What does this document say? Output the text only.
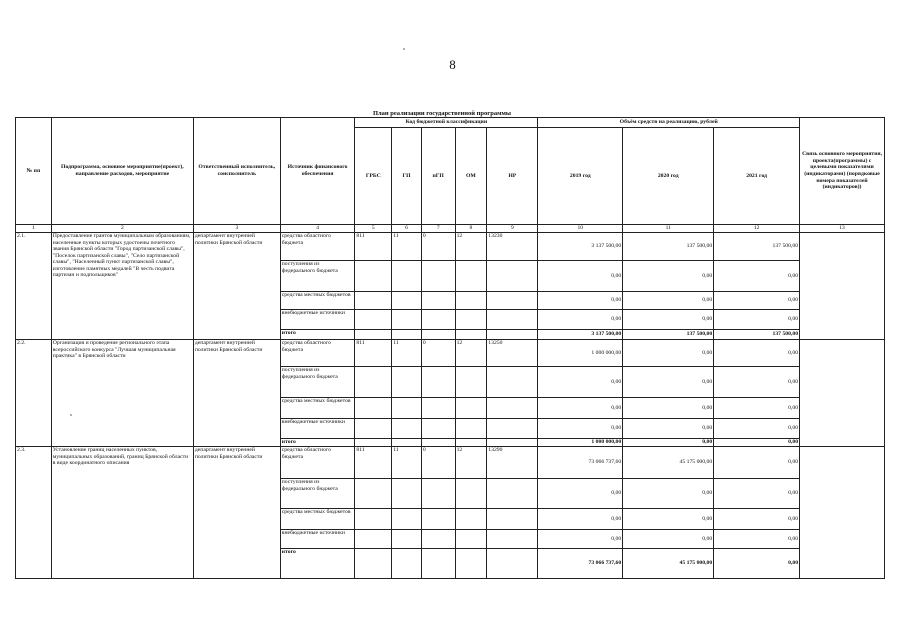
8
План реализации государственной программы
№ пп	Подпрограмма, основное мероприятие(проект), направление расходов, мероприятие	Ответственный исполнитель, соисполнитель	Источник финансового обеспечения	Код бюджетной классификации					Объём средств на реализацию, рублей			Связь основного мероприятия, проекта(программы) с целевыми показателями (индикаторами) (порядковые номера показателей (индикаторов))
				ГРБС	ГП	пГП	ОМ	НР	2019 год	2020 год	2021 год	
1	2	3	4	5	6	7	8	9	10	11	12	13
2.1.	Предоставление грантов муниципальным образованиям, населенные пункты которых удостоены почетного звания Брянской области "Город партизанской славы", "Поселок партизанской славы", "Село партизанской славы", "Населенный пункт партизанской славы", изготовление памятных медалей "В честь подвига партизан и подпольщиков"	департамент внутренней политики Брянской области	средства областного бюджета	811	11	0	12	13230	3 137 500,00	137 500,00	137 500,00	
			поступления из федерального бюджета						0,00	0,00	0,00	
			средства местных бюджетов						0,00	0,00	0,00	
			внебюджетные источники						0,00	0,00	0,00	
			итого						3 137 500,00	137 500,00	137 500,00	
2.2.	Организация и проведение регионального этапа всероссийского конкурса "Лучшая муниципальная практика" в Брянской области	департамент внутренней политики Брянской области	средства областного бюджета	811	11	0	12	13250	1 000 000,00	0,00	0,00	
			поступления из федерального бюджета						0,00	0,00	0,00	
			средства местных бюджетов						0,00	0,00	0,00	
			внебюджетные источники						0,00	0,00	0,00	
			итого						1 000 000,00	0,00	0,00	
2.3.	Установление границ населенных пунктов, муниципальных образований, границ Брянской области в виде координатного описания	департамент внутренней политики Брянской области	средства областного бюджета	811	11	0	12	13290	73 066 737,60	45 175 000,00	0,00	
			поступления из федерального бюджета						0,00	0,00	0,00	
			средства местных бюджетов						0,00	0,00	0,00	
			внебюджетные источники						0,00	0,00	0,00	
			итого						73 066 737,60	45 175 000,00	0,00	
